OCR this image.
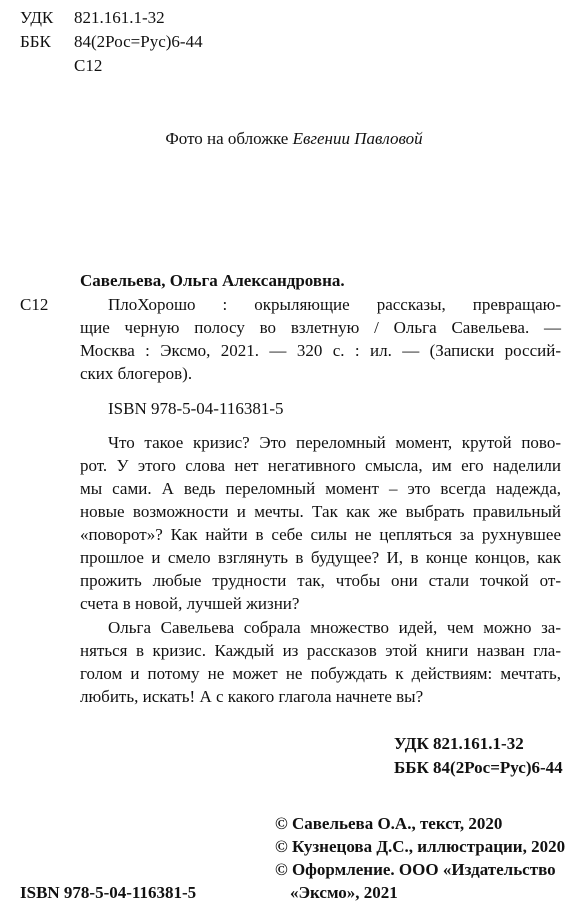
УДК 821.161.1-32
ББК 84(2Рос=Рус)6-44
С12
Фото на обложке Евгении Павловой
Савельева, Ольга Александровна.
С12	ПлоХорошо : окрыляющие рассказы, превращаю-
щие черную полосу во взлетную / Ольга Савельева. —
Москва : Эксмо, 2021. — 320 с. : ил. — (Записки россий-
ских блогеров).
ISBN 978-5-04-116381-5
Что такое кризис? Это переломный момент, крутой пово-
рот. У этого слова нет негативного смысла, им его наделили
мы сами. А ведь переломный момент – это всегда надежда,
новые возможности и мечты. Так как же выбрать правильный
«поворот»? Как найти в себе силы не цепляться за рухнувшее
прошлое и смело взглянуть в будущее? И, в конце концов, как
прожить любые трудности так, чтобы они стали точкой от-
счета в новой, лучшей жизни?
Ольга Савельева собрала множество идей, чем можно за-
няться в кризис. Каждый из рассказов этой книги назван гла-
голом и потому не может не побуждать к действиям: мечтать,
любить, искать! А с какого глагола начнете вы?
УДК 821.161.1-32
ББК 84(2Рос=Рус)6-44
© Савельева О.А., текст, 2020
© Кузнецова Д.С., иллюстрации, 2020
© Оформление. ООО «Издательство
«Эксмо», 2021
ISBN 978-5-04-116381-5
